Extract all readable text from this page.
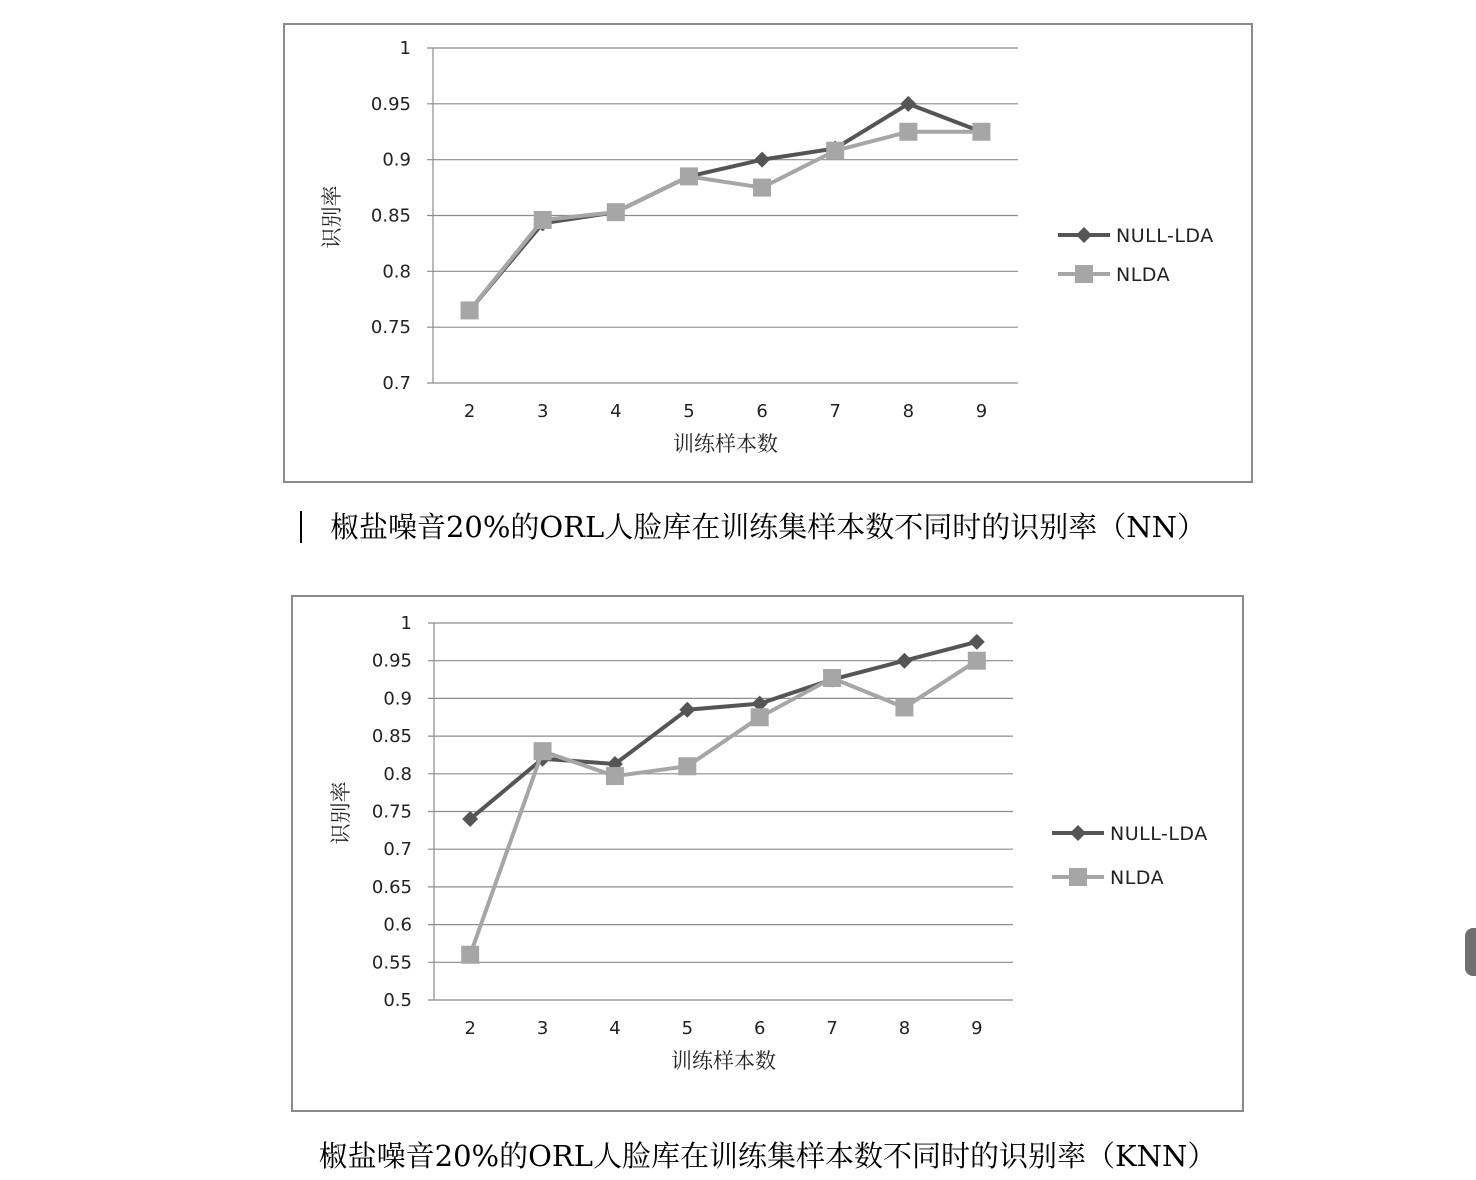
0.7
0.75
0.8
0.85
0.9
0.95
1
2	3	4	5	6	7	8	9
训练样本数
识别率	NULL-LDA
NLDA
椒盐噪音20%的ORL人脸库在训练集样本数不同时的识别率（NN）
0.5
0.55
0.6
0.65
0.7
0.75
0.8
0.85
0.9
0.95
1
2	3	4	5	6	7	8	9
训练样本数
识别率	NULL-LDA
NLDA
椒盐噪音20%的ORL人脸库在训练集样本数不同时的识别率（KNN）
